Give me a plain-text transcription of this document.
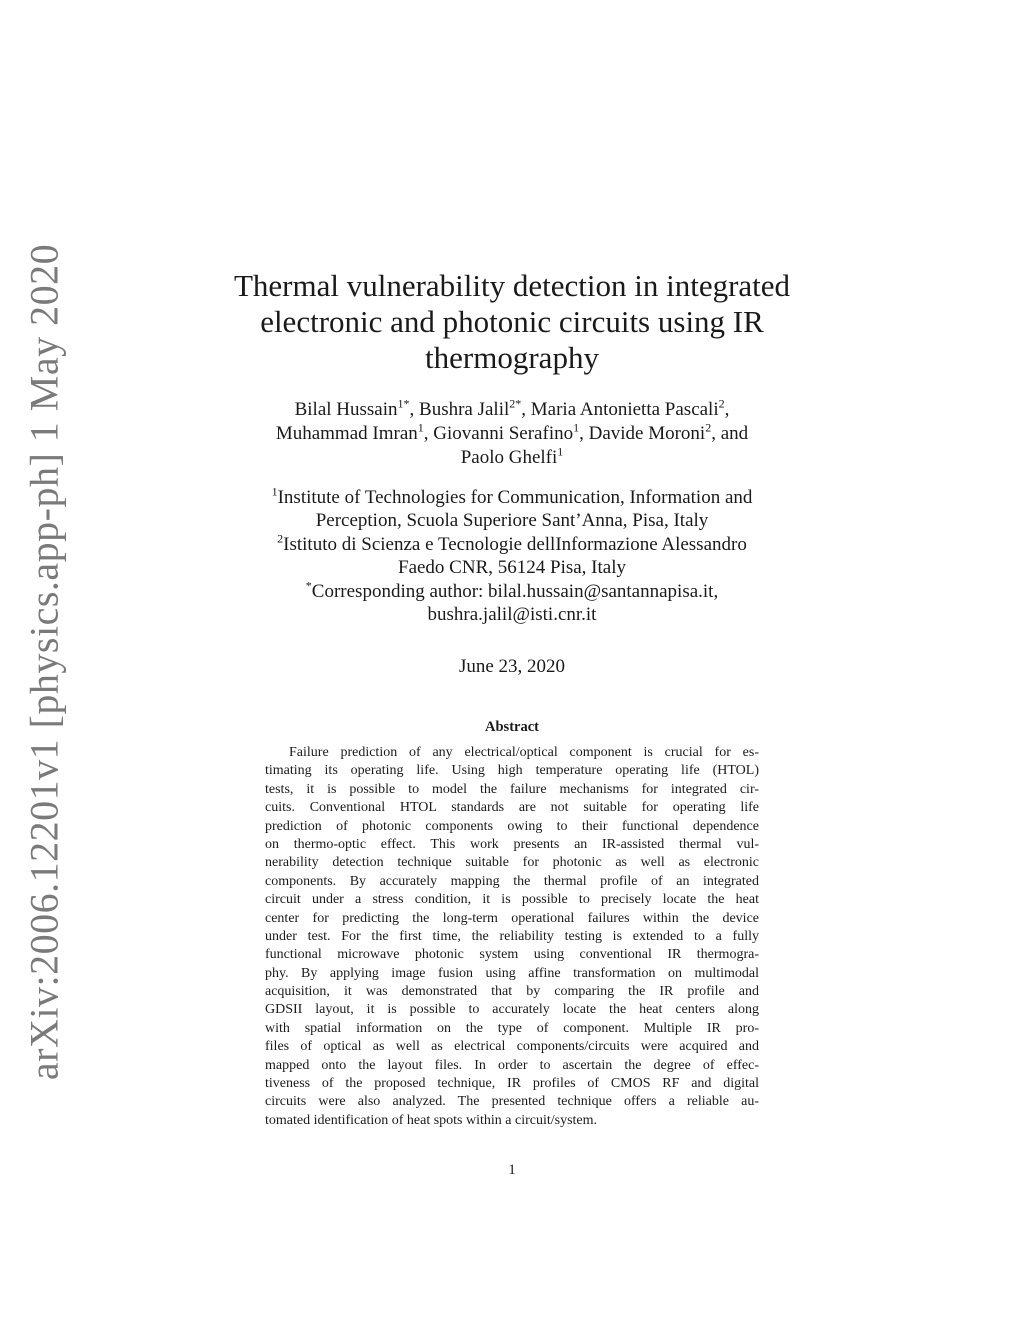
arXiv:2006.12201v1 [physics.app-ph] 1 May 2020	Thermal vulnerability detection in integrated
electronic and photonic circuits using IR
thermography
Bilal Hussain$^{1*}$, Bushra Jalil$^{2*}$, Maria Antonietta Pascali$^2$,
Muhammad Imran$^1$, Giovanni Serafino$^1$, Davide Moroni$^2$, and
Paolo Ghelfi$^1$
$^1$Institute of Technologies for Communication, Information and
Perception, Scuola Superiore Sant’Anna, Pisa, Italy
$^2$Istituto di Scienza e Tecnologie dellInformazione Alessandro
Faedo CNR, 56124 Pisa, Italy
*Corresponding author: bilal.hussain@santannapisa.it,
bushra.jalil@isti.cnr.it
June 23, 2020
Abstract
Failure prediction of any electrical/optical component is crucial for es-
timating its operating life. Using high temperature operating life (HTOL)
tests, it is possible to model the failure mechanisms for integrated cir-
cuits. Conventional HTOL standards are not suitable for operating life
prediction of photonic components owing to their functional dependence
on thermo-optic effect. This work presents an IR-assisted thermal vul-
nerability detection technique suitable for photonic as well as electronic
components. By accurately mapping the thermal profile of an integrated
circuit under a stress condition, it is possible to precisely locate the heat
center for predicting the long-term operational failures within the device
under test. For the first time, the reliability testing is extended to a fully
functional microwave photonic system using conventional IR thermogra-
phy. By applying image fusion using affine transformation on multimodal
acquisition, it was demonstrated that by comparing the IR profile and
GDSII layout, it is possible to accurately locate the heat centers along
with spatial information on the type of component. Multiple IR pro-
files of optical as well as electrical components/circuits were acquired and
mapped onto the layout files. In order to ascertain the degree of effec-
tiveness of the proposed technique, IR profiles of CMOS RF and digital
circuits were also analyzed. The presented technique offers a reliable au-
tomated identification of heat spots within a circuit/system.
1
